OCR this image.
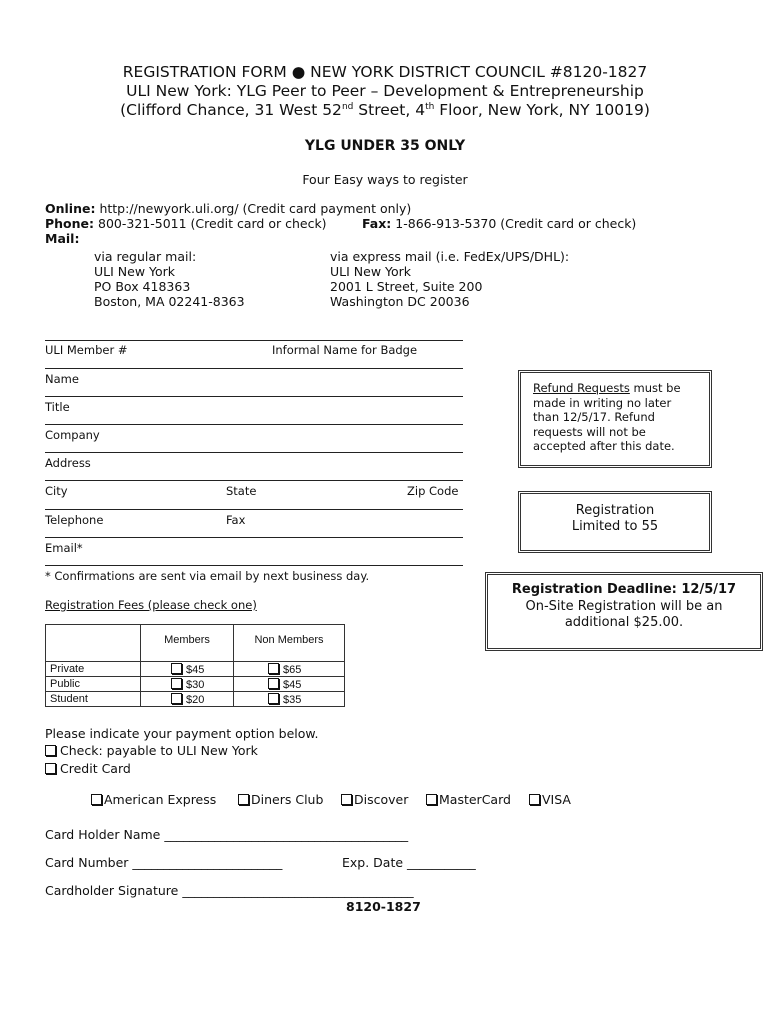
REGISTRATION FORM ● NEW YORK DISTRICT COUNCIL #8120-1827
ULI New York: YLG Peer to Peer – Development & Entrepreneurship
(Clifford Chance, 31 West 52nd Street, 4th Floor, New York, NY 10019)
YLG UNDER 35 ONLY
Four Easy ways to register
Online: http://newyork.uli.org/ (Credit card payment only)
Phone: 800-321-5011 (Credit card or check)	Fax: 1-866-913-5370 (Credit card or check)
Mail:
via regular mail:
ULI New York
PO Box 418363
Boston, MA 02241-8363
via express mail (i.e. FedEx/UPS/DHL):
ULI New York
2001 L Street, Suite 200
Washington DC 20036
ULI Member #	Informal Name for Badge
Name
Title
Company
Address
City	State	Zip Code
Telephone	Fax
Email*
* Confirmations are sent via email by next business day.
Refund Requests must be
made in writing no later
than 12/5/17. Refund
requests will not be
accepted after this date.
Registration
Limited to 55
Registration Deadline: 12/5/17
On-Site Registration will be an
additional $25.00.
Registration Fees (please check one)
	Members	Non Members
Private	$45	$65
Public	$30	$45
Student	$20	$35
Please indicate your payment option below.
Check: payable to ULI New York
Credit Card
American Express	Diners Club	Discover	MasterCard	VISA
Card Holder Name _______________________________________
Card Number ________________________	Exp. Date ___________
Cardholder Signature _____________________________________
8120-1827
